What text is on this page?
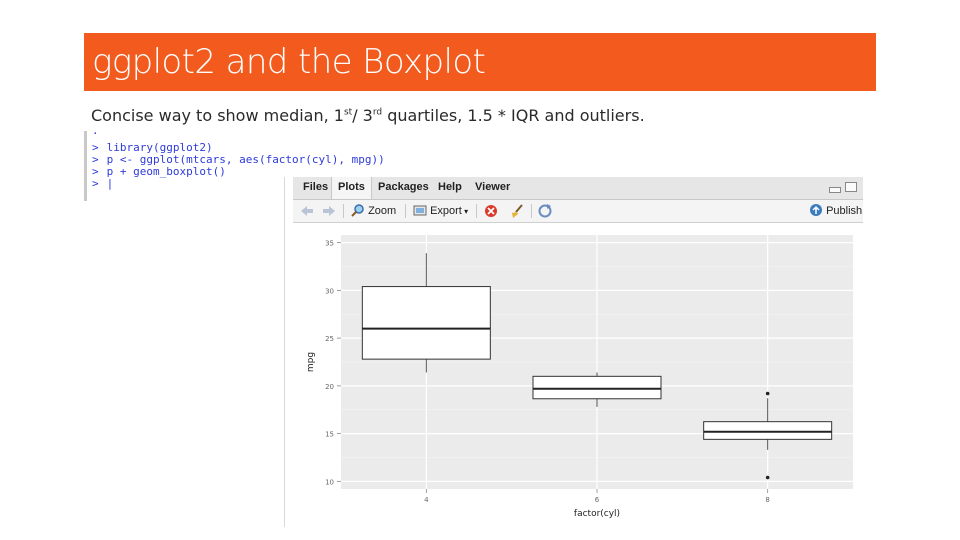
ggplot2 and the Boxplot
Concise way to show median, 1st/ 3rd quartiles, 1.5 * IQR and outliers.
·
> library(ggplot2)
> p <- ggplot(mtcars, aes(factor(cyl), mpg))
> p + geom_boxplot()
> |	Files Plots	Packages Help Viewer
Zoom	Export ▾	Publish
10
15
20
25
30
35
4	6	8
factor(cyl)
mpg
